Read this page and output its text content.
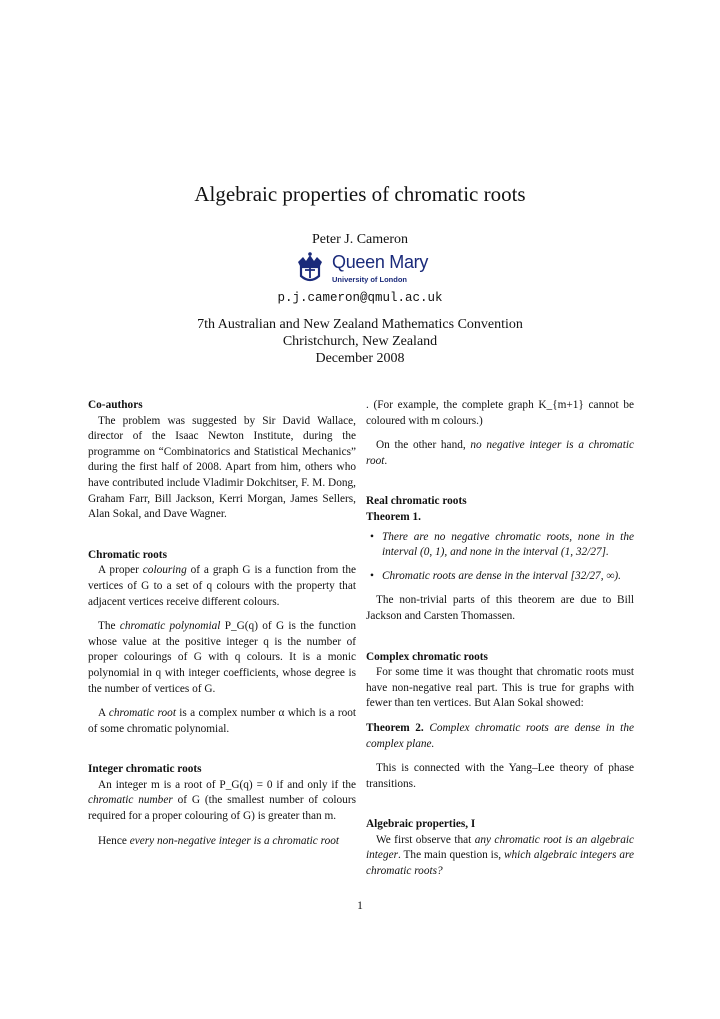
Algebraic properties of chromatic roots
Peter J. Cameron
Queen Mary
University of London
p.j.cameron@qmul.ac.uk
7th Australian and New Zealand Mathematics Convention
Christchurch, New Zealand
December 2008
Co-authors

The problem was suggested by Sir David Wallace, director of the Isaac Newton Institute, during the programme on “Combinatorics and Statistical Mechanics” during the first half of 2008. Apart from him, others who have contributed include Vladimir Dokchitser, F. M. Dong, Graham Farr, Bill Jackson, Kerri Morgan, James Sellers, Alan Sokal, and Dave Wagner.

Chromatic roots

A proper colouring of a graph G is a function from the vertices of G to a set of q colours with the property that adjacent vertices receive different colours.

The chromatic polynomial P_G(q) of G is the function whose value at the positive integer q is the number of proper colourings of G with q colours. It is a monic polynomial in q with integer coefficients, whose degree is the number of vertices of G.

A chromatic root is a complex number α which is a root of some chromatic polynomial.

Integer chromatic roots

An integer m is a root of P_G(q) = 0 if and only if the chromatic number of G (the smallest number of colours required for a proper colouring of G) is greater than m.

Hence every non-negative integer is a chromatic root

. (For example, the complete graph K_{m+1} cannot be coloured with m colours.)

On the other hand, no negative integer is a chromatic root.

Real chromatic roots
Theorem 1.
• There are no negative chromatic roots, none in the interval (0, 1), and none in the interval (1, 32/27].
• Chromatic roots are dense in the interval [32/27, ∞).

The non-trivial parts of this theorem are due to Bill Jackson and Carsten Thomassen.

Complex chromatic roots

For some time it was thought that chromatic roots must have non-negative real part. This is true for graphs with fewer than ten vertices. But Alan Sokal showed:

Theorem 2. Complex chromatic roots are dense in the complex plane.

This is connected with the Yang–Lee theory of phase transitions.

Algebraic properties, I

We first observe that any chromatic root is an algebraic integer. The main question is, which algebraic integers are chromatic roots?

1
